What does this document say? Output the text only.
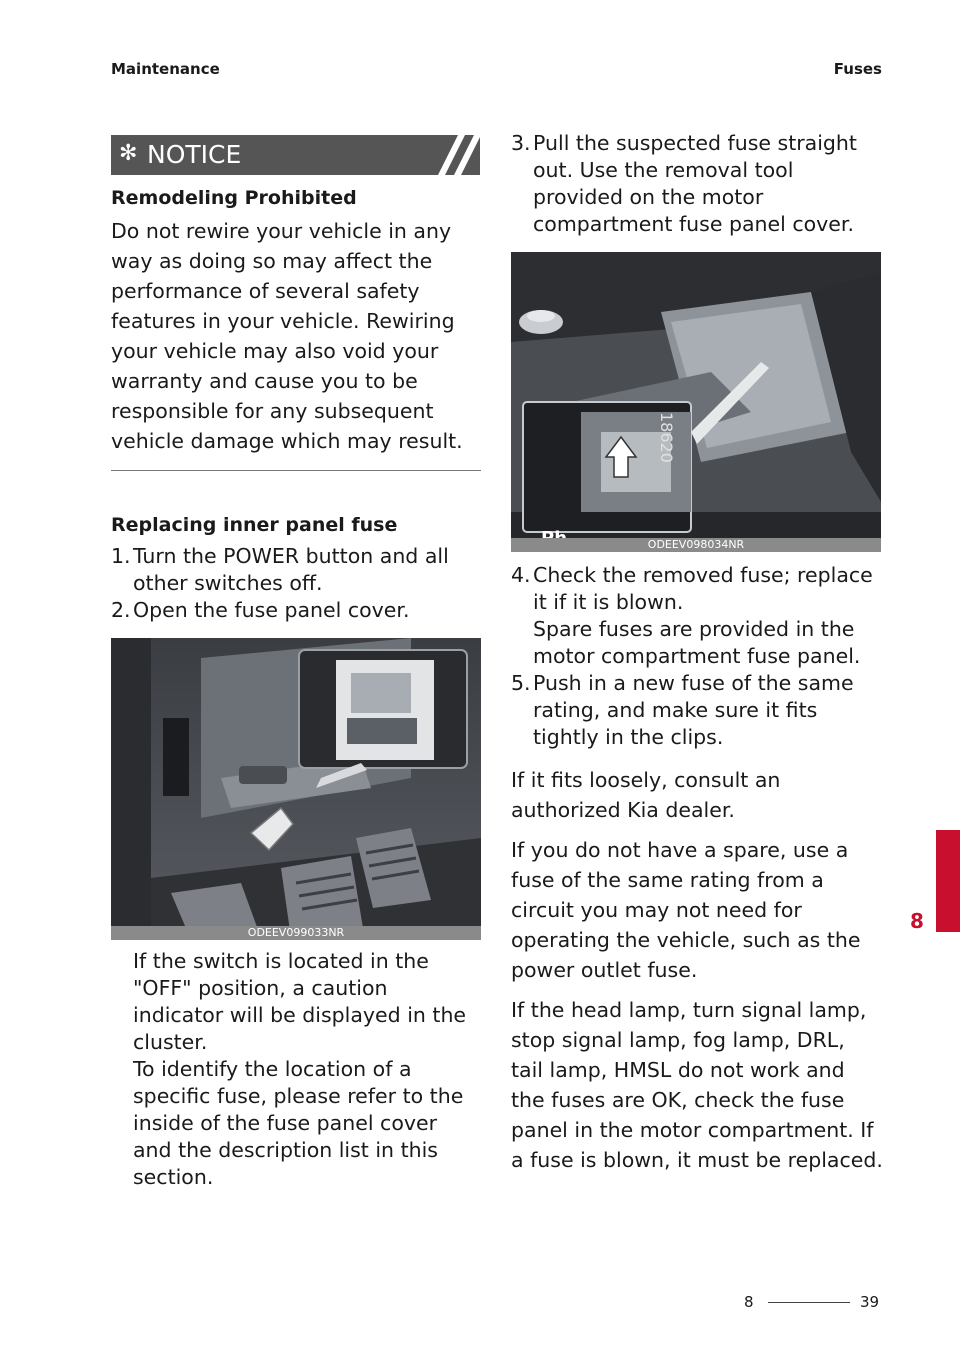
Maintenance	Fuses
✻ NOTICE
Remodeling Prohibited

Do not rewire your vehicle in any way as doing so may affect the performance of several safety features in your vehicle. Rewiring your vehicle may also void your warranty and cause you to be responsible for any subsequent vehicle damage which may result.

Replacing inner panel fuse
1. Turn the POWER button and all other switches off.
2. Open the fuse panel cover.
ODEEV099033NR
If the switch is located in the "OFF" position, a caution indicator will be displayed in the cluster.
To identify the location of a specific fuse, please refer to the inside of the fuse panel cover and the description list in this section.
3. Pull the suspected fuse straight out. Use the removal tool provided on the motor compartment fuse panel cover.
18620
ODEEV098034NR
4. Check the removed fuse; replace it if it is blown.
Spare fuses are provided in the motor compartment fuse panel.
5. Push in a new fuse of the same rating, and make sure it fits tightly in the clips.

If it fits loosely, consult an authorized Kia dealer.

If you do not have a spare, use a fuse of the same rating from a circuit you may not need for operating the vehicle, such as the power outlet fuse.

If the head lamp, turn signal lamp, stop signal lamp, fog lamp, DRL, tail lamp, HMSL do not work and the fuses are OK, check the fuse panel in the motor compartment. If a fuse is blown, it must be replaced.

8
8	39
